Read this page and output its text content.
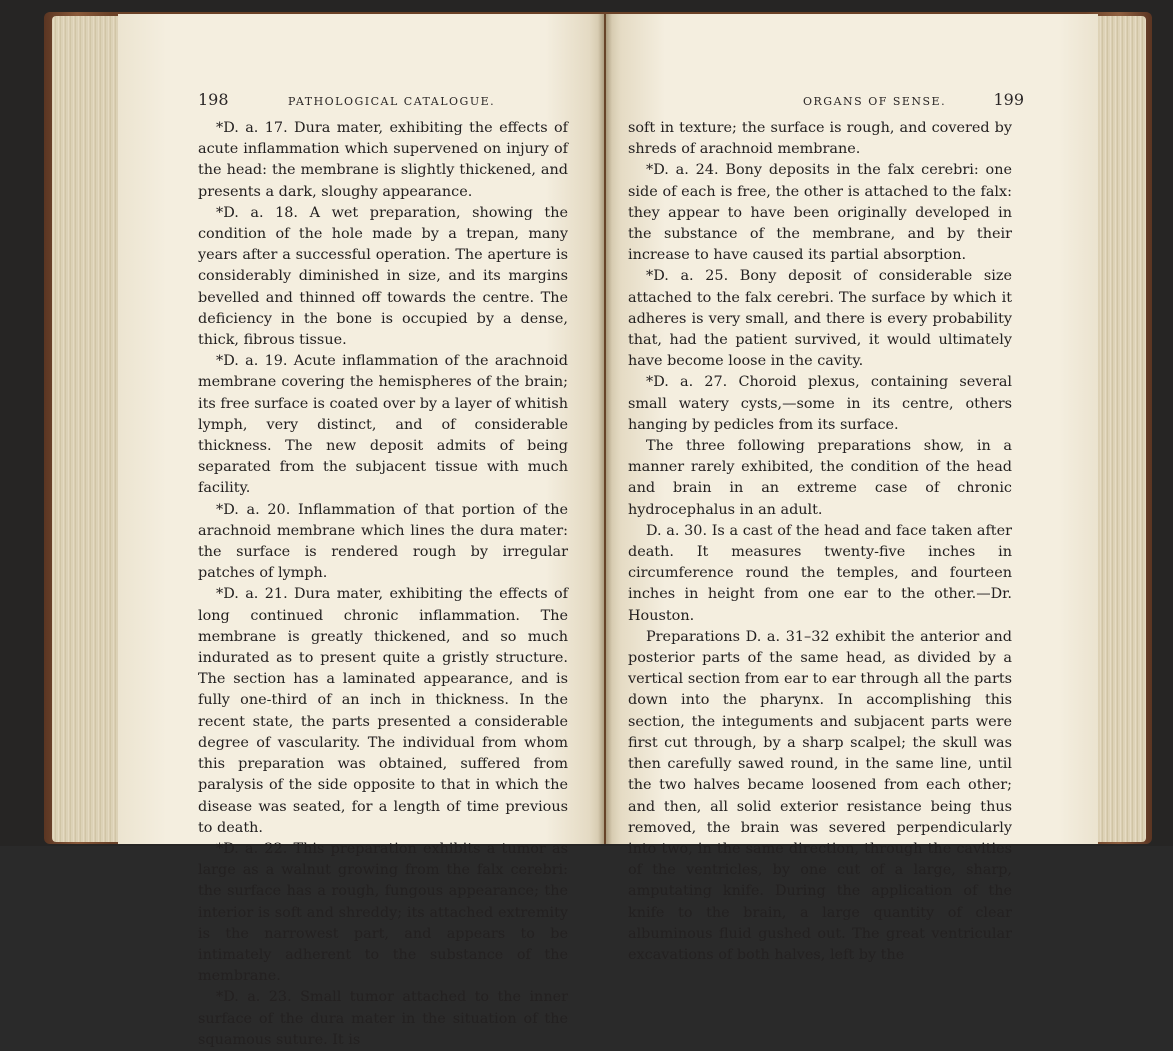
198	PATHOLOGICAL CATALOGUE.

*D. a. 17. Dura mater, exhibiting the effects of acute inflammation which supervened on injury of the head: the membrane is slightly thickened, and presents a dark, sloughy appearance.

*D. a. 18. A wet preparation, showing the condition of the hole made by a trepan, many years after a successful operation. The aperture is considerably diminished in size, and its margins bevelled and thinned off towards the centre. The deficiency in the bone is occupied by a dense, thick, fibrous tissue.

*D. a. 19. Acute inflammation of the arachnoid membrane covering the hemispheres of the brain; its free surface is coated over by a layer of whitish lymph, very distinct, and of considerable thickness. The new deposit admits of being separated from the subjacent tissue with much facility.

*D. a. 20. Inflammation of that portion of the arachnoid membrane which lines the dura mater: the surface is rendered rough by irregular patches of lymph.

*D. a. 21. Dura mater, exhibiting the effects of long continued chronic inflammation. The membrane is greatly thickened, and so much indurated as to present quite a gristly structure. The section has a laminated appearance, and is fully one-third of an inch in thickness. In the recent state, the parts presented a considerable degree of vascularity. The individual from whom this preparation was obtained, suffered from paralysis of the side opposite to that in which the disease was seated, for a length of time previous to death.

*D. a. 22. This preparation exhibits a tumor as large as a walnut growing from the falx cerebri: the surface has a rough, fungous appearance; the interior is soft and shreddy; its attached extremity is the narrowest part, and appears to be intimately adherent to the substance of the membrane.

*D. a. 23. Small tumor attached to the inner surface of the dura mater in the situation of the squamous suture. It is

ORGANS OF SENSE.	199

soft in texture; the surface is rough, and covered by shreds of arachnoid membrane.

*D. a. 24. Bony deposits in the falx cerebri: one side of each is free, the other is attached to the falx: they appear to have been originally developed in the substance of the membrane, and by their increase to have caused its partial absorption.

*D. a. 25. Bony deposit of considerable size attached to the falx cerebri. The surface by which it adheres is very small, and there is every probability that, had the patient survived, it would ultimately have become loose in the cavity.

*D. a. 27. Choroid plexus, containing several small watery cysts,—some in its centre, others hanging by pedicles from its surface.

The three following preparations show, in a manner rarely exhibited, the condition of the head and brain in an extreme case of chronic hydrocephalus in an adult.

D. a. 30. Is a cast of the head and face taken after death. It measures twenty-five inches in circumference round the temples, and fourteen inches in height from one ear to the other.—Dr. Houston.

Preparations D. a. 31–32 exhibit the anterior and posterior parts of the same head, as divided by a vertical section from ear to ear through all the parts down into the pharynx. In accomplishing this section, the integuments and subjacent parts were first cut through, by a sharp scalpel; the skull was then carefully sawed round, in the same line, until the two halves became loosened from each other; and then, all solid exterior resistance being thus removed, the brain was severed perpendicularly into two, in the same direction, through the cavities of the ventricles, by one cut of a large, sharp, amputating knife. During the application of the knife to the brain, a large quantity of clear albuminous fluid gushed out. The great ventricular excavations of both halves, left by the
